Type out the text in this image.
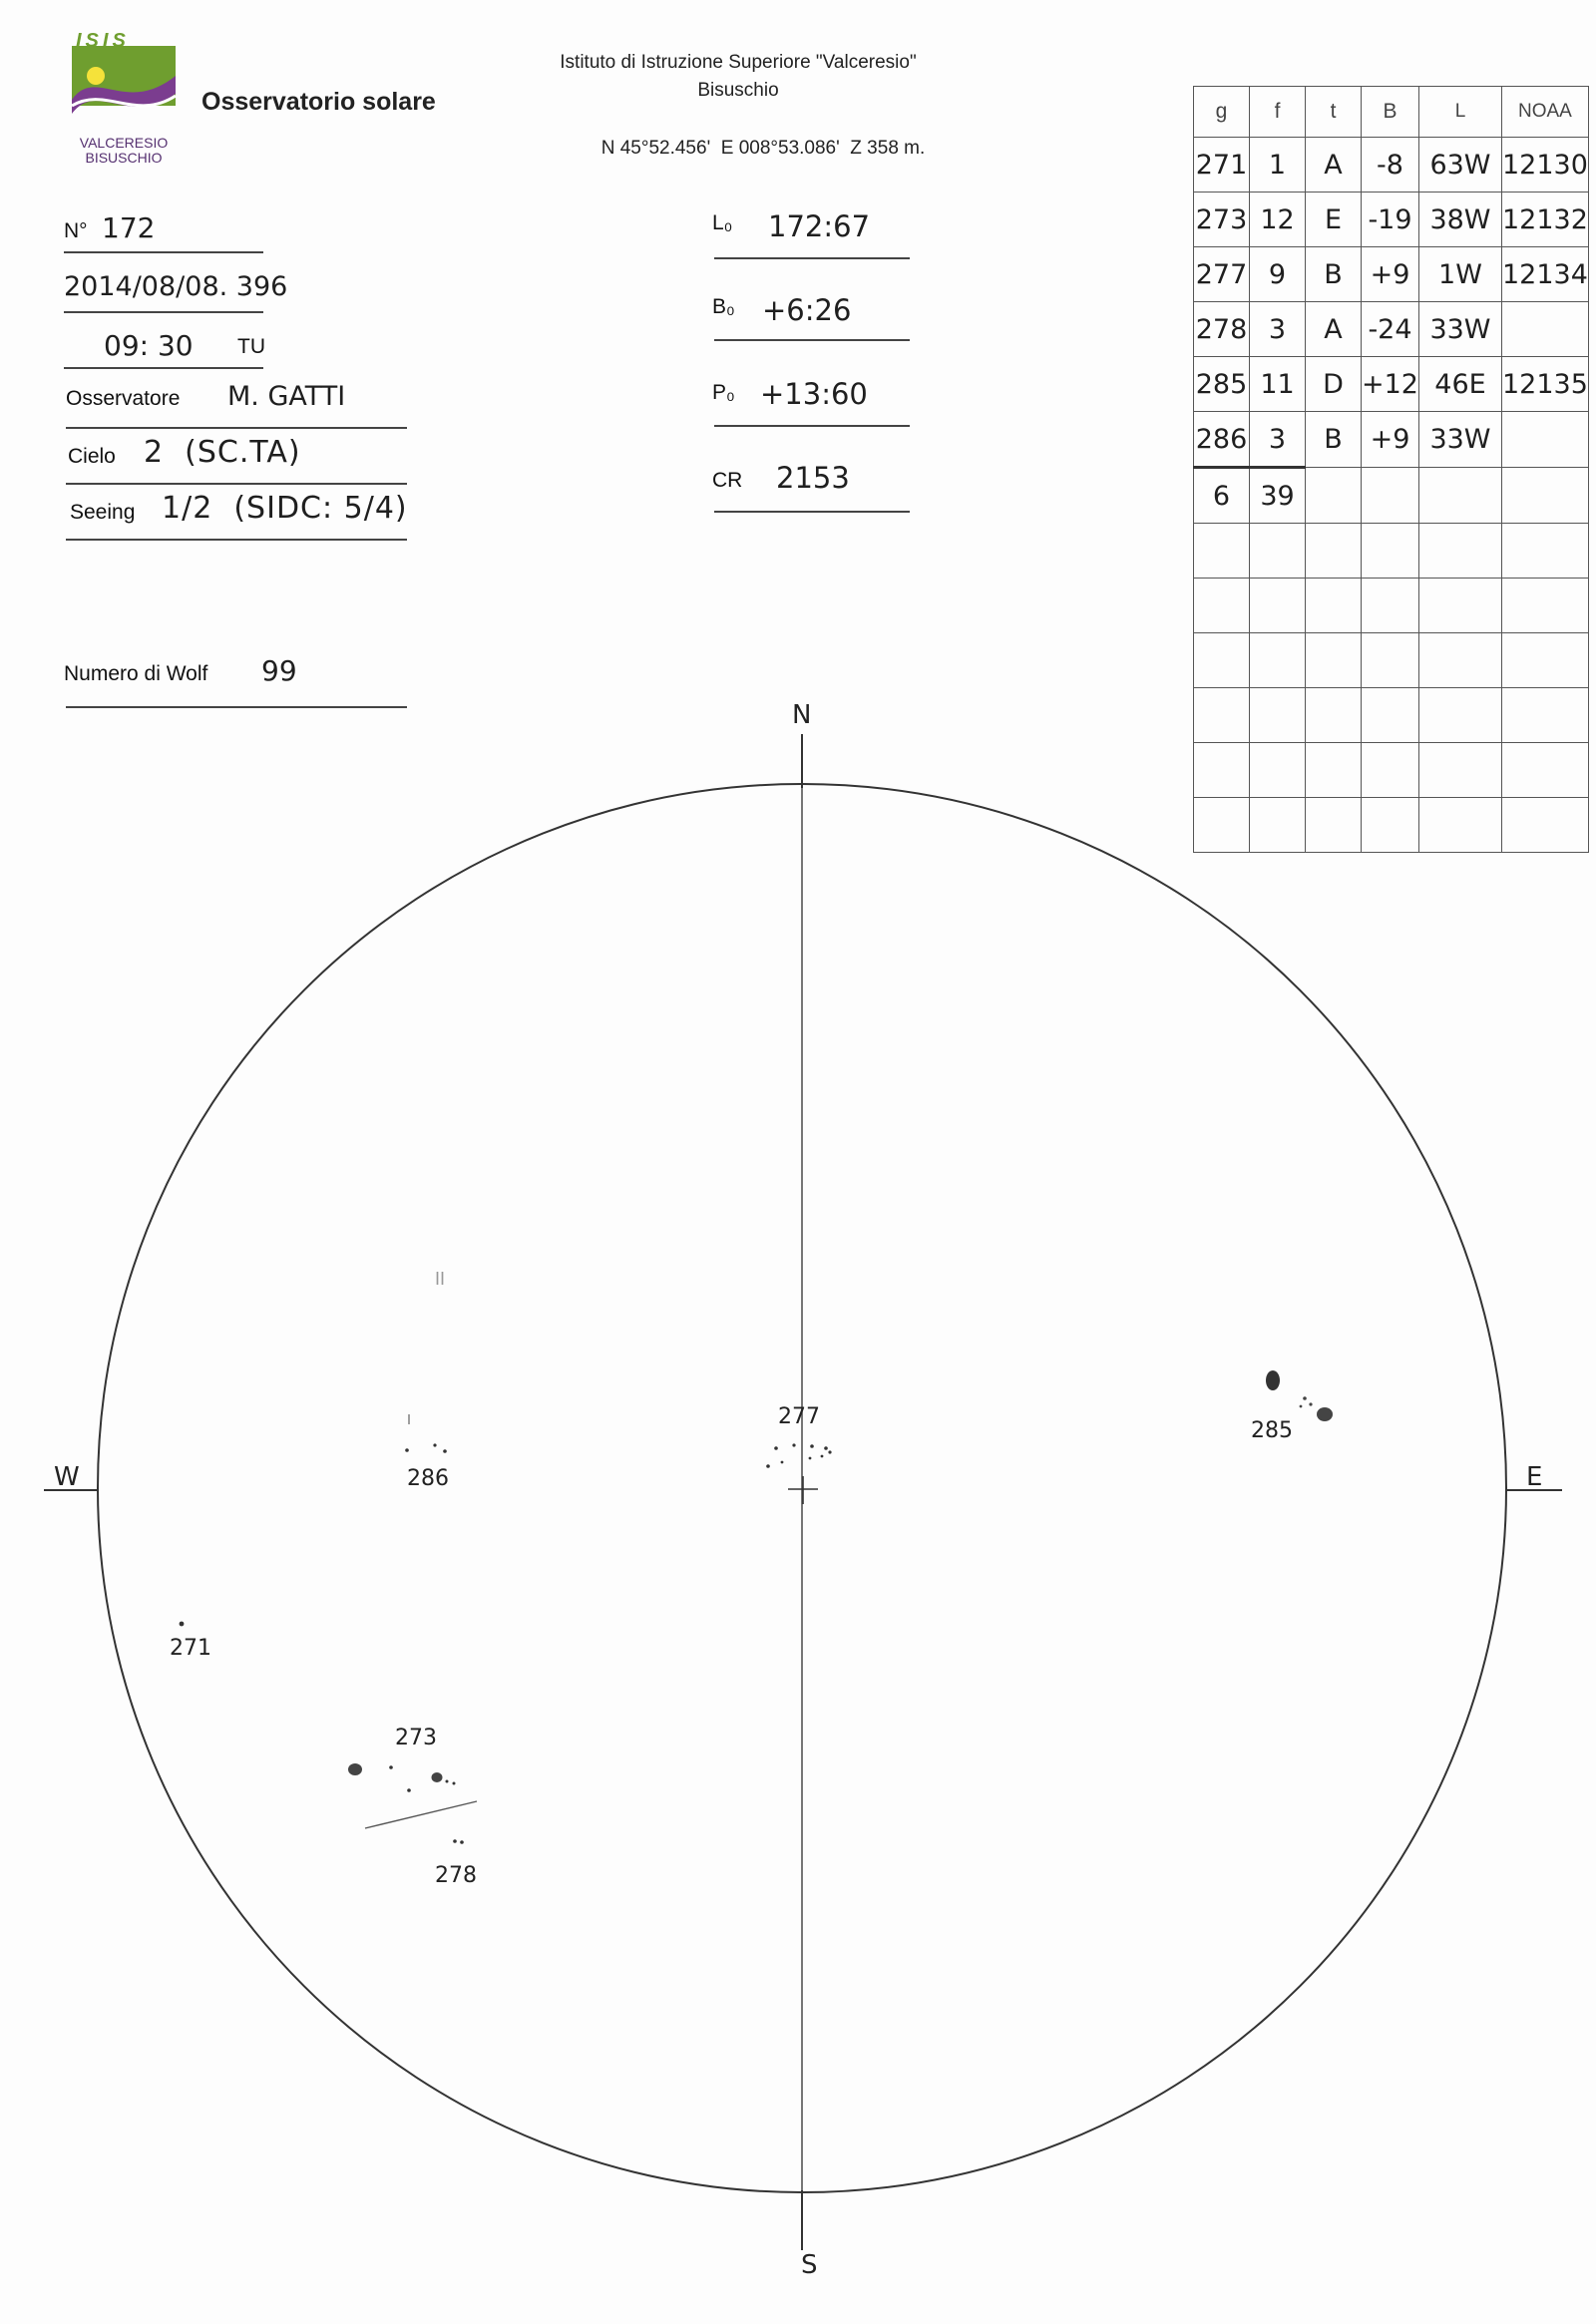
ISIS
VALCERESIO BISUSCHIO
Osservatorio solare
Istituto di Istruzione Superiore "Valceresio"
Bisuschio
N 45°52.456'  E 008°53.086'  Z 358 m.
N° 172
2014/08/08. 396
09: 30 TU
Osservatore M. GATTI
Cielo 2  (SC.TA)
Seeing 1/2  (SIDC: 5/4)
Numero di Wolf 99
L₀ 172:67
B₀ +6:26
P₀ +13:60
CR 2153
g	f	t	B	L	NOAA
271	1	A	-8	63W	12130
273	12	E	-19	38W	12132
277	9	B	+9	1W	12134
278	3	A	-24	33W	
285	11	D	+12	46E	12135
286	3	B	+9	33W	
6	39				

N
S
W	E
277
285
286
271
273
278
II
